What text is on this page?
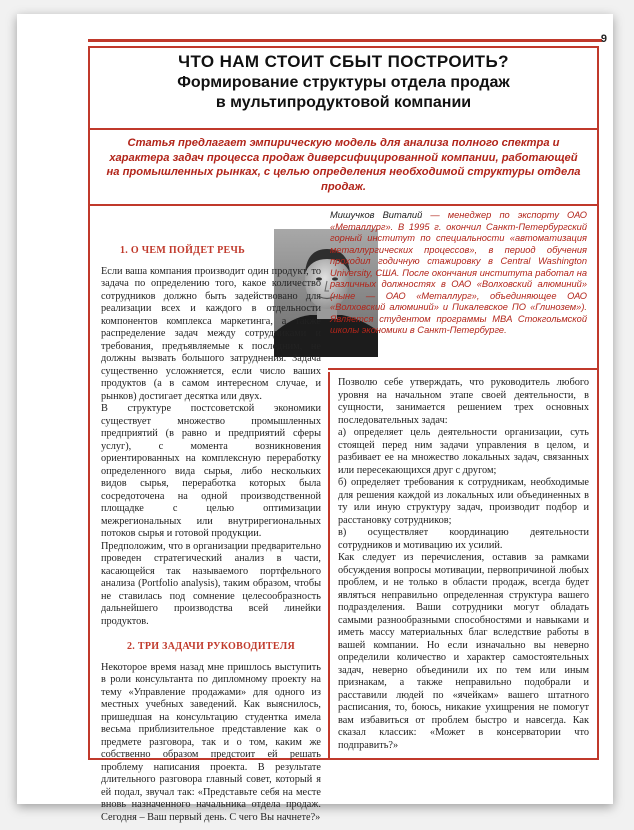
9
ЧТО НАМ СТОИТ СБЫТ ПОСТРОИТЬ?
Формирование структуры отдела продаж
в мультипродуктовой компании
Статья предлагает эмпирическую модель для анализа полного спектра и характера задач процесса продаж диверсифицированной компании, работающей на промышленных рынках, с целью определения необходимой структуры отдела продаж.
Мишучков Виталий — менеджер по экспорту ОАО «Металлург». В 1995 г. окончил Санкт-Петербургский горный институт по специальности «автоматизация металлургических процессов», в период обучения проходил годичную стажировку в Central Washington University, США. После окончания института работал на различных должностях в ОАО «Волховский алюминий» (ныне — ОАО «Металлург», объединяющее ОАО «Волховский алюминий» и Пикалевское ПО «Глинозем»). Является студентом программы MBA Стокгольмской школы экономики в Санкт-Петербурге.

1. О ЧЕМ ПОЙДЕТ РЕЧЬ

Если ваша компания производит один продукт, то задача по определению того, какое количество сотрудников должно быть задействовано для реализации всех и каждого в отдельности компонентов комплекса маркетинга, а также распределение задач между сотрудниками и требования, предъявляемые к последним, не должны вызвать большого затруднения. Задача существенно усложняется, если число ваших продуктов (а в самом интересном случае, и рынков) достигает десятка или двух.

В структуре постсоветской экономики существует множество промышленных предприятий (в равно и предприятий сферы услуг), с момента возникновения ориентированных на комплексную переработку определенного вида сырья, либо нескольких видов сырья, переработка которых была сосредоточена на одной производственной площадке с целью оптимизации межрегиональных или внутрирегиональных потоков сырья и готовой продукции.

Предположим, что в организации предварительно проведен стратегический анализ в части, касающейся так называемого портфельного анализа (Portfolio analysis), таким образом, чтобы не ставилась под сомнение целесообразность дальнейшего производства всей линейки продуктов.

2. ТРИ ЗАДАЧИ РУКОВОДИТЕЛЯ

Некоторое время назад мне пришлось выступить в роли консультанта по дипломному проекту на тему «Управление продажами» для одного из местных учебных заведений. Как выяснилось, пришедшая на консультацию студентка имела весьма приблизительное представление как о предмете разговора, так и о том, каким же собственно образом предстоит ей решать проблему написания проекта. В результате длительного разговора главный совет, который я ей подал, звучал так: «Представьте себя на месте вновь назначенного начальника отдела продаж. Сегодня – Ваш первый день. С чего Вы начнете?»

Позволю себе утверждать, что руководитель любого уровня на начальном этапе своей деятельности, в сущности, занимается решением трех основных последовательных задач:

а) определяет цель деятельности организации, суть стоящей перед ним задачи управления в целом, и разбивает ее на множество локальных задач, связанных или пересекающихся друг с другом;

б) определяет требования к сотрудникам, необходимые для решения каждой из локальных или объединенных в ту или иную структуру задач, производит подбор и расстановку сотрудников;

в) осуществляет координацию деятельности сотрудников и мотивацию их усилий.

Как следует из перечисления, оставив за рамками обсуждения вопросы мотивации, первопричиной любых проблем, и не только в области продаж, всегда будет являться неправильно определенная структура вашего подразделения. Ваши сотрудники могут обладать самыми разнообразными способностями и навыками и иметь массу материальных благ вследствие работы в вашей компании. Но если изначально вы неверно определили количество и характер самостоятельных задач, неверно объединили их по тем или иным признакам, а также неправильно подобрали и расставили людей по «ячейкам» вашего штатного расписания, то, боюсь, никакие ухищрения не помогут вам избавиться от проблем быстро и навсегда. Как сказал классик: «Может в консерватории что подправить?»
